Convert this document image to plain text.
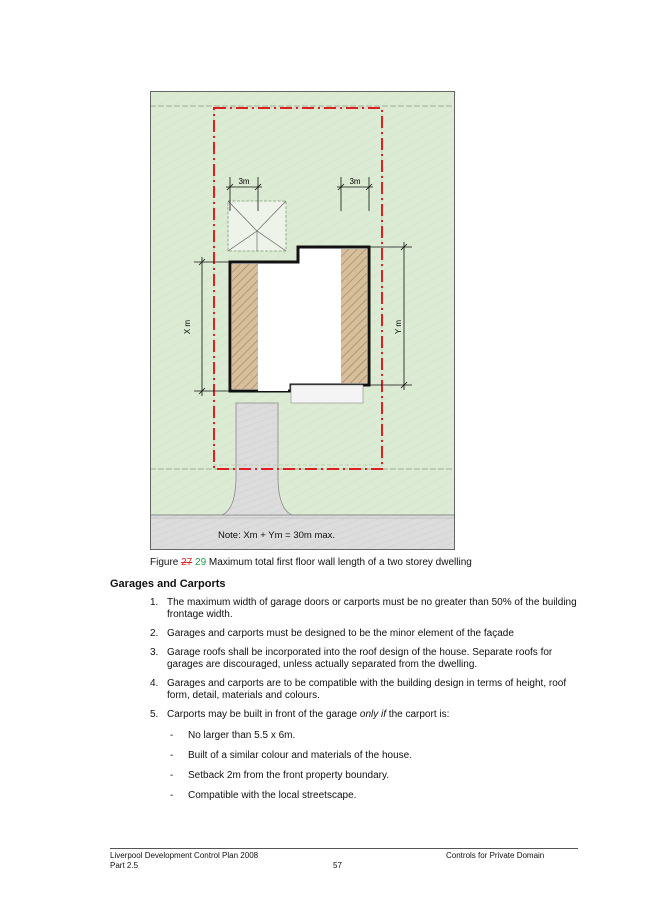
3m	3m
X m	Y m
Note: Xm + Ym = 30m max.
Figure 27 29 Maximum total first floor wall length of a two storey dwelling
Garages and Carports
1. The maximum width of garage doors or carports must be no greater than 50% of the building frontage width.
2. Garages and carports must be designed to be the minor element of the façade
3. Garage roofs shall be incorporated into the roof design of the house. Separate roofs for garages are discouraged, unless actually separated from the dwelling.
4. Garages and carports are to be compatible with the building design in terms of height, roof form, detail, materials and colours.
5. Carports may be built in front of the garage only if the carport is:
- No larger than 5.5 x 6m.
- Built of a similar colour and materials of the house.
- Setback 2m from the front property boundary.
- Compatible with the local streetscape.
Liverpool Development Control Plan 2008
Part 2.5	57
Controls for Private Domain
